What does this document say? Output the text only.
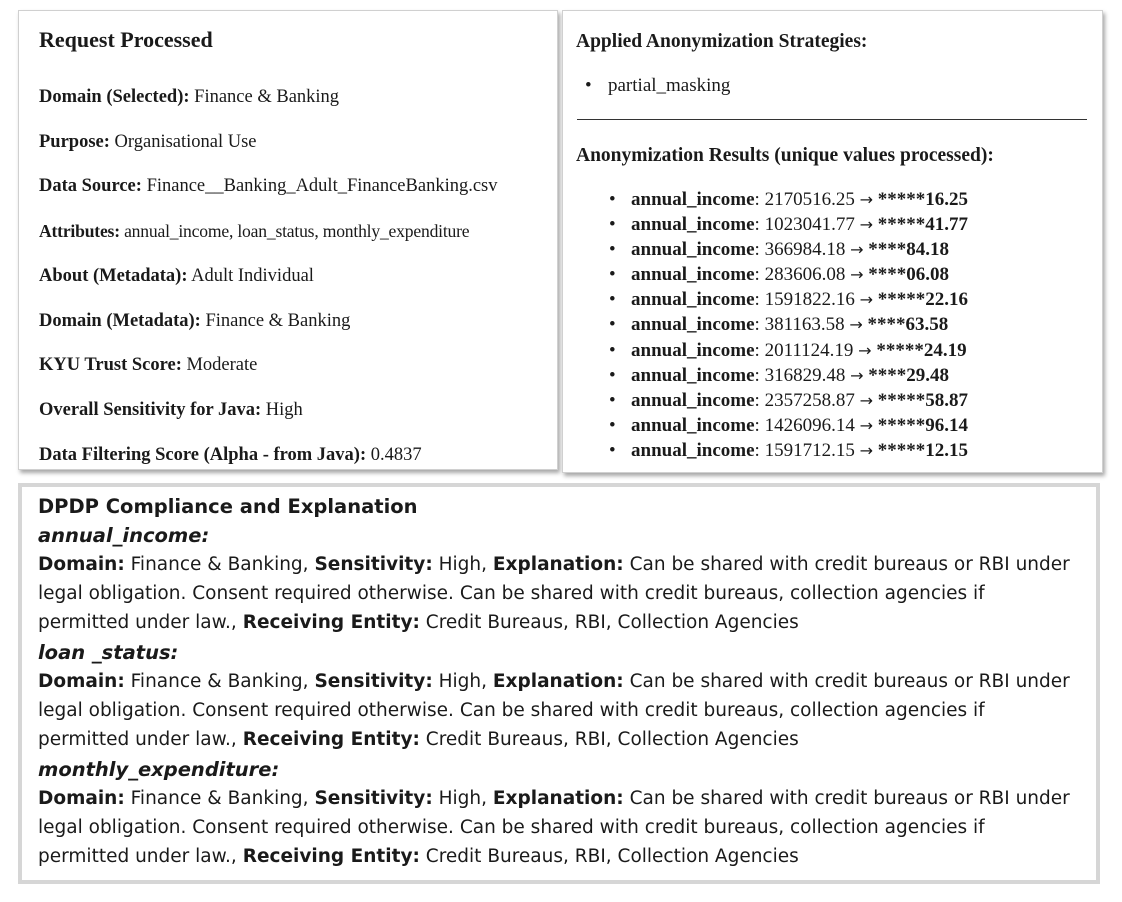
Request Processed
Domain (Selected): Finance & Banking
Purpose: Organisational Use
Data Source: Finance__Banking_Adult_FinanceBanking.csv
Attributes: annual_income, loan_status, monthly_expenditure
About (Metadata): Adult Individual
Domain (Metadata): Finance & Banking
KYU Trust Score: Moderate
Overall Sensitivity for Java: High
Data Filtering Score (Alpha - from Java): 0.4837
Applied Anonymization Strategies:
• partial_masking
Anonymization Results (unique values processed):
• annual_income: 2170516.25 → *****16.25
• annual_income: 1023041.77 → *****41.77
• annual_income: 366984.18 → ****84.18
• annual_income: 283606.08 → ****06.08
• annual_income: 1591822.16 → *****22.16
• annual_income: 381163.58 → ****63.58
• annual_income: 2011124.19 → *****24.19
• annual_income: 316829.48 → ****29.48
• annual_income: 2357258.87 → *****58.87
• annual_income: 1426096.14 → *****96.14
• annual_income: 1591712.15 → *****12.15
DPDP Compliance and Explanation
annual_income:
Domain: Finance & Banking, Sensitivity: High, Explanation: Can be shared with credit bureaus or RBI under legal obligation. Consent required otherwise. Can be shared with credit bureaus, collection agencies if permitted under law., Receiving Entity: Credit Bureaus, RBI, Collection Agencies
loan _status:
Domain: Finance & Banking, Sensitivity: High, Explanation: Can be shared with credit bureaus or RBI under legal obligation. Consent required otherwise. Can be shared with credit bureaus, collection agencies if permitted under law., Receiving Entity: Credit Bureaus, RBI, Collection Agencies
monthly_expenditure:
Domain: Finance & Banking, Sensitivity: High, Explanation: Can be shared with credit bureaus or RBI under legal obligation. Consent required otherwise. Can be shared with credit bureaus, collection agencies if permitted under law., Receiving Entity: Credit Bureaus, RBI, Collection Agencies
